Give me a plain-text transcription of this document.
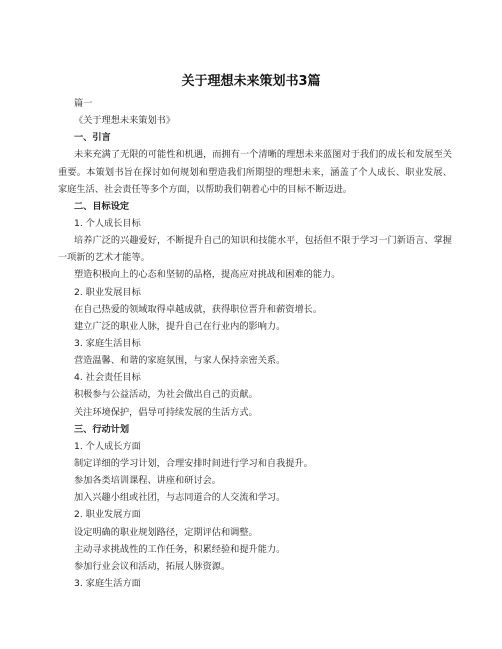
关于理想未来策划书3篇
篇一
《关于理想未来策划书》
一、引言
未来充满了无限的可能性和机遇，而拥有一个清晰的理想未来蓝图对于我们的成长和发展至关重要。本策划书旨在探讨如何规划和塑造我们所期望的理想未来，涵盖了个人成长、职业发展、家庭生活、社会责任等多个方面，以帮助我们朝着心中的目标不断迈进。
二、目标设定
1. 个人成长目标
培养广泛的兴趣爱好，不断提升自己的知识和技能水平，包括但不限于学习一门新语言、掌握一项新的艺术才能等。
塑造积极向上的心态和坚韧的品格，提高应对挑战和困难的能力。
2. 职业发展目标
在自己热爱的领域取得卓越成就，获得职位晋升和薪资增长。
建立广泛的职业人脉，提升自己在行业内的影响力。
3. 家庭生活目标
营造温馨、和谐的家庭氛围，与家人保持亲密关系。
4. 社会责任目标
积极参与公益活动，为社会做出自己的贡献。
关注环境保护，倡导可持续发展的生活方式。
三、行动计划
1. 个人成长方面
制定详细的学习计划，合理安排时间进行学习和自我提升。
参加各类培训课程、讲座和研讨会。
加入兴趣小组或社团，与志同道合的人交流和学习。
2. 职业发展方面
设定明确的职业规划路径，定期评估和调整。
主动寻求挑战性的工作任务，积累经验和提升能力。
参加行业会议和活动，拓展人脉资源。
3. 家庭生活方面
